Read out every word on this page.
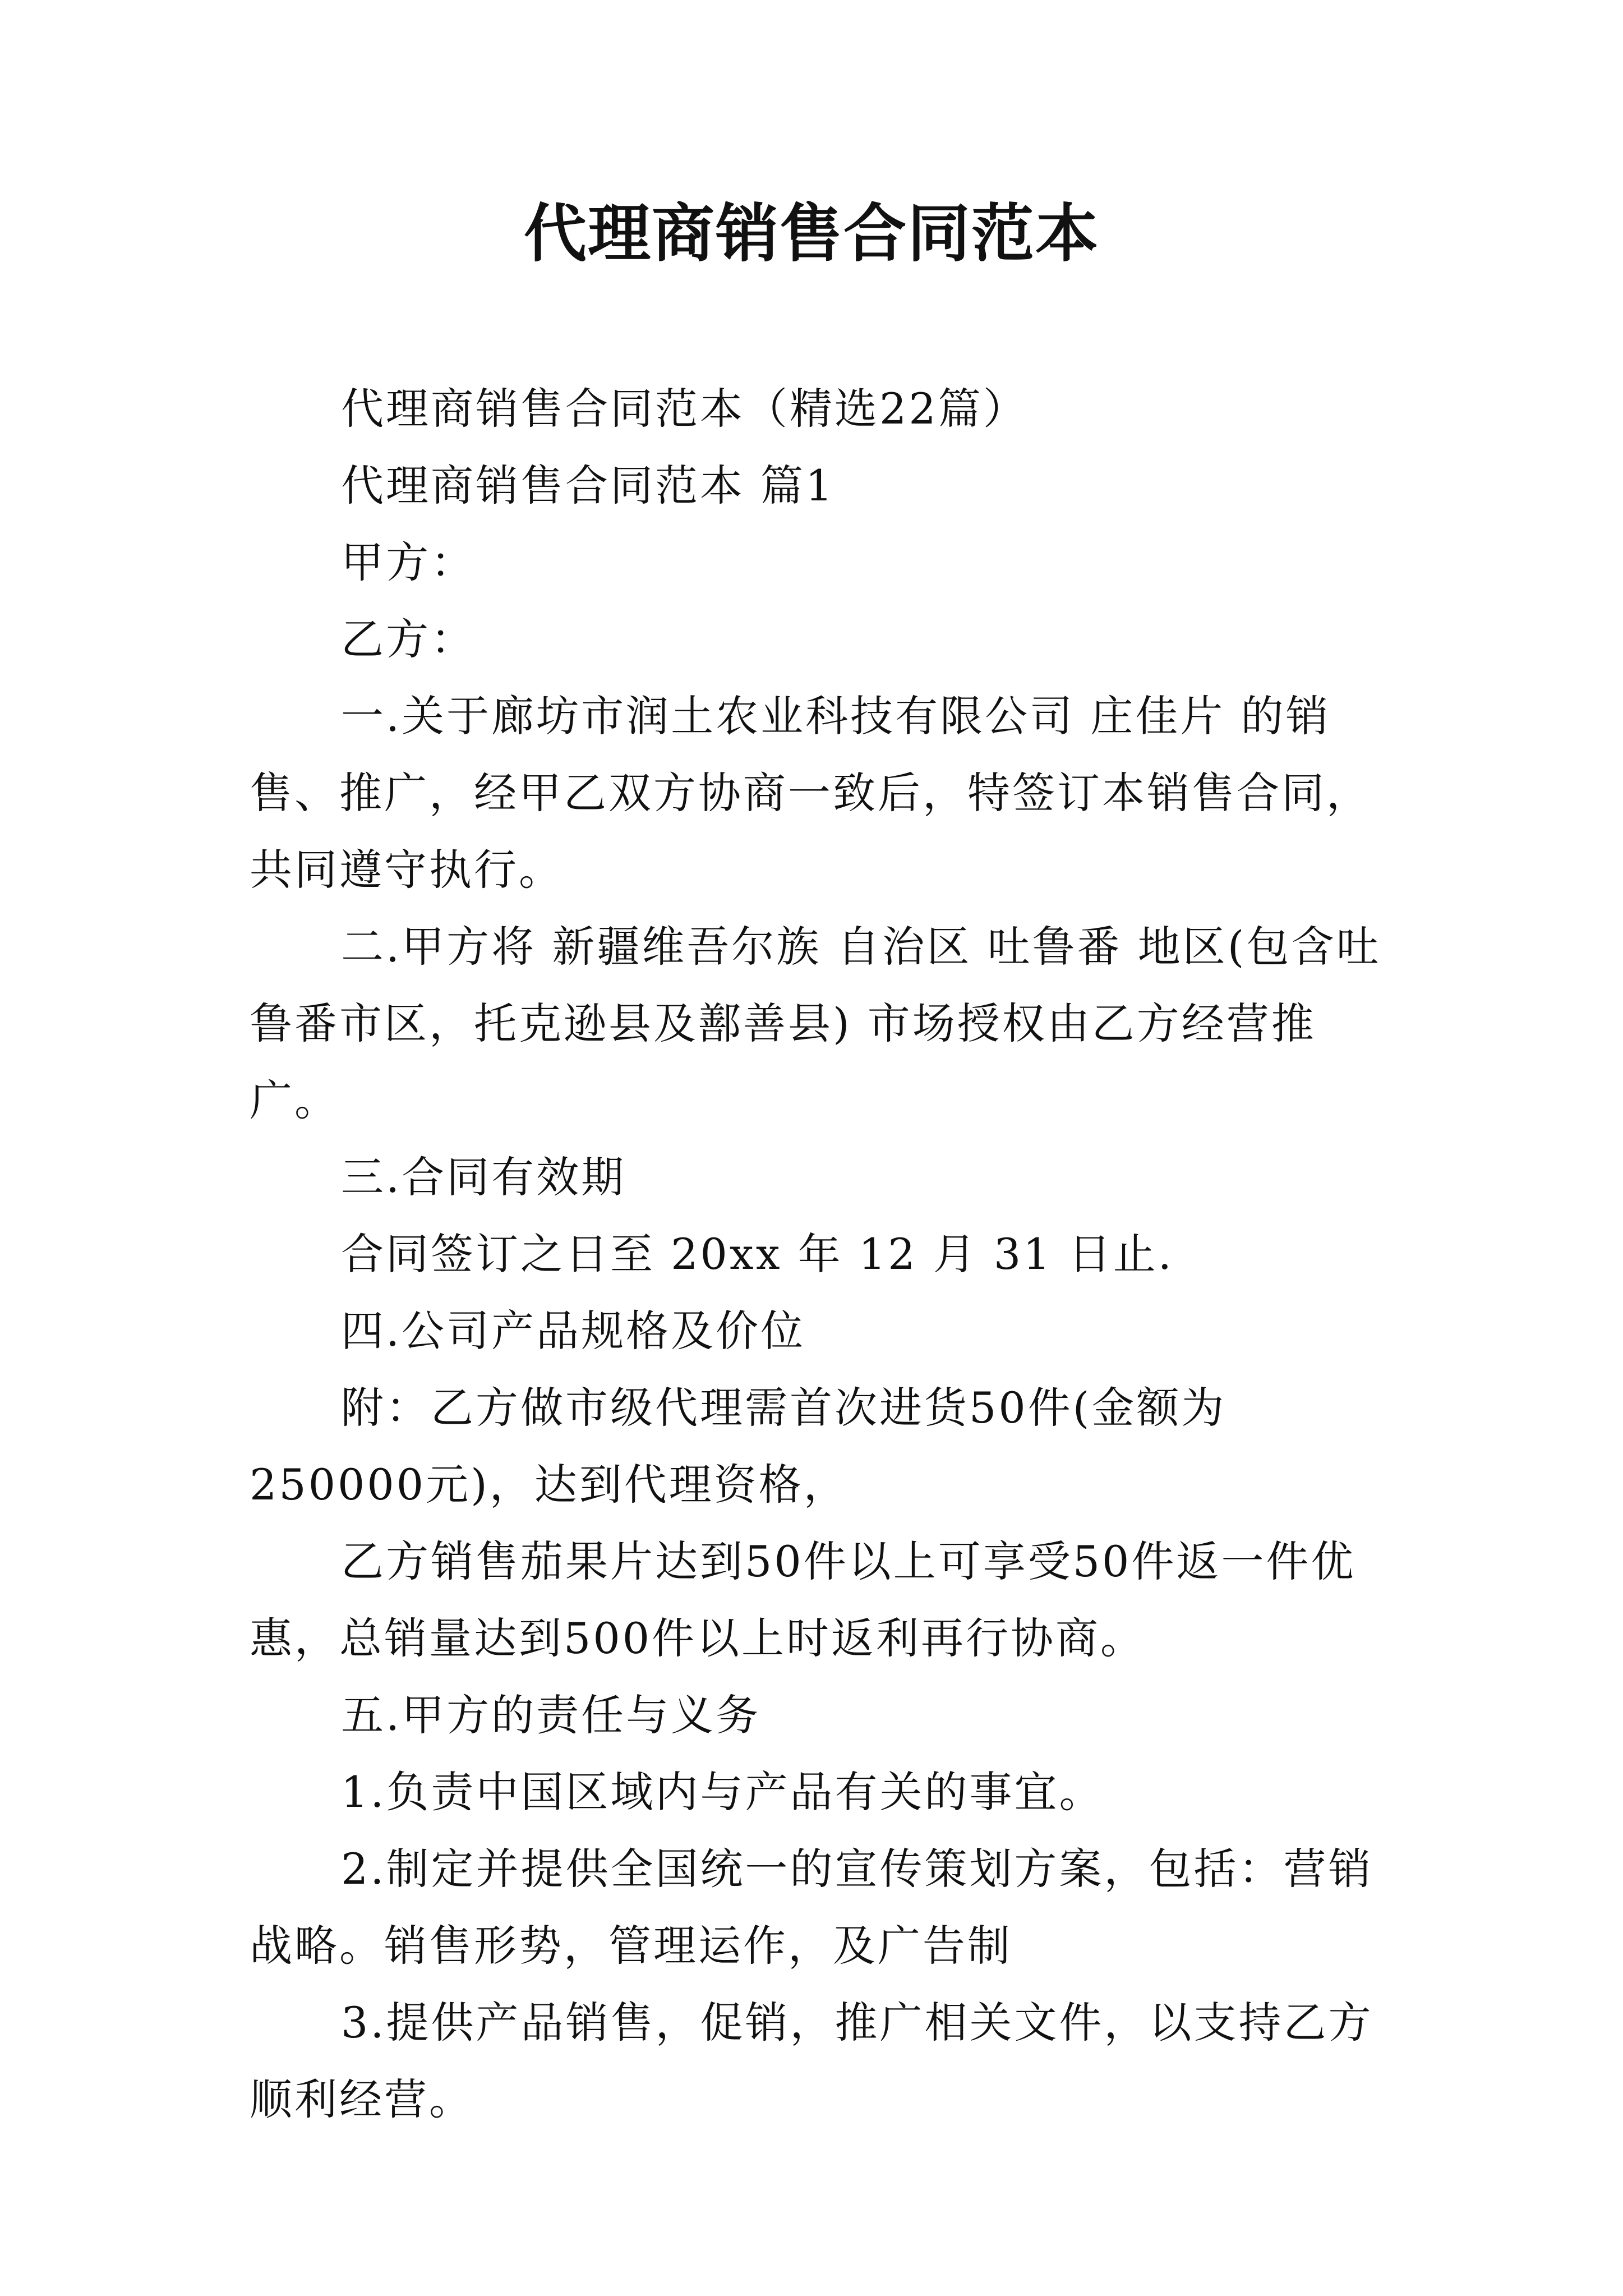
代理商销售合同范本

代理商销售合同范本（精选22篇）

代理商销售合同范本 篇1

甲方：

乙方：

一.关于廊坊市润土农业科技有限公司 庄佳片 的销售、推广，经甲乙双方协商一致后，特签订本销售合同，共同遵守执行。

二.甲方将 新疆维吾尔族 自治区 吐鲁番 地区(包含吐鲁番市区，托克逊县及鄯善县) 市场授权由乙方经营推广。

三.合同有效期

合同签订之日至 20xx 年 12 月 31 日止.

四.公司产品规格及价位

附：乙方做市级代理需首次进货50件(金额为250000元)，达到代理资格，

乙方销售茄果片达到50件以上可享受50件返一件优惠，总销量达到500件以上时返利再行协商。

五.甲方的责任与义务

1.负责中国区域内与产品有关的事宜。

2.制定并提供全国统一的宣传策划方案，包括：营销战略。销售形势，管理运作，及广告制

3.提供产品销售，促销，推广相关文件，以支持乙方顺利经营。
